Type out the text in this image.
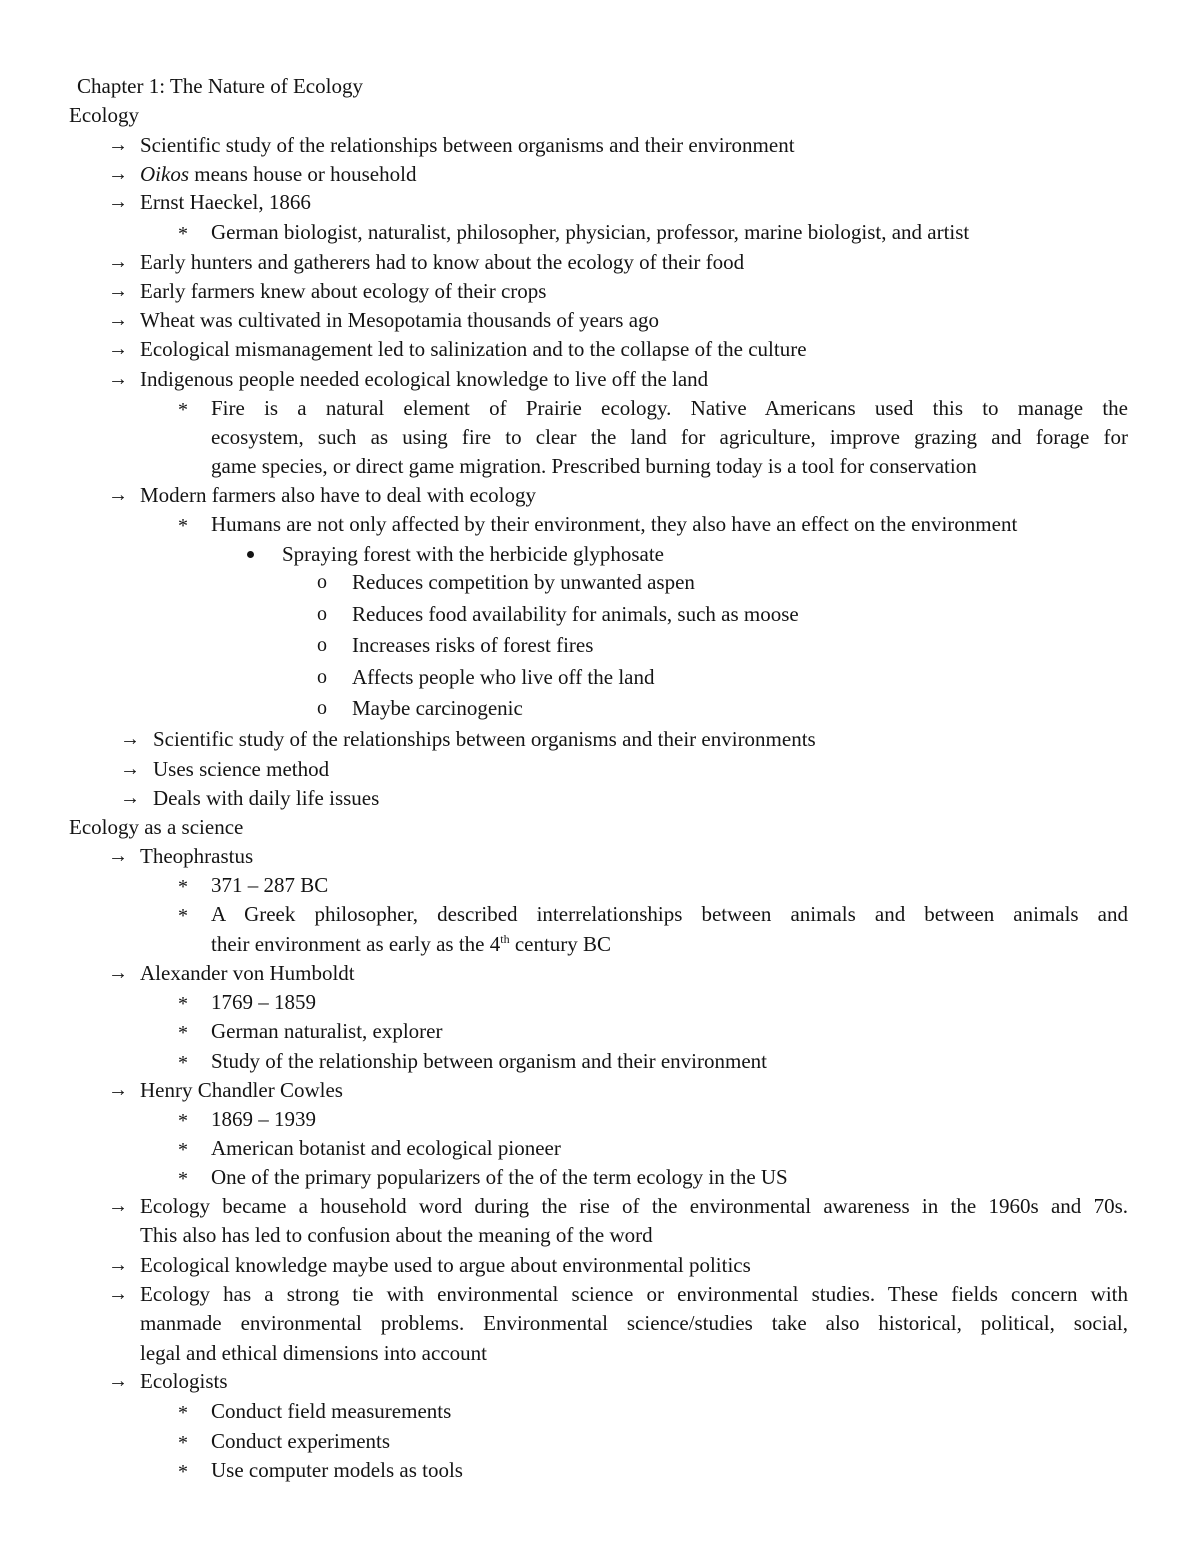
Chapter 1: The Nature of Ecology
Ecology
→ Scientific study of the relationships between organisms and their environment
→ Oikos means house or household
→ Ernst Haeckel, 1866
* German biologist, naturalist, philosopher, physician, professor, marine biologist, and artist
→ Early hunters and gatherers had to know about the ecology of their food
→ Early farmers knew about ecology of their crops
→ Wheat was cultivated in Mesopotamia thousands of years ago
→ Ecological mismanagement led to salinization and to the collapse of the culture
→ Indigenous people needed ecological knowledge to live off the land
* Fire is a natural element of Prairie ecology. Native Americans used this to manage the
ecosystem, such as using fire to clear the land for agriculture, improve grazing and forage for
game species, or direct game migration. Prescribed burning today is a tool for conservation
→ Modern farmers also have to deal with ecology
* Humans are not only affected by their environment, they also have an effect on the environment
Spraying forest with the herbicide glyphosate
o Reduces competition by unwanted aspen
o Reduces food availability for animals, such as moose
o Increases risks of forest fires
o Affects people who live off the land
o Maybe carcinogenic
→ Scientific study of the relationships between organisms and their environments
→ Uses science method
→ Deals with daily life issues
Ecology as a science
→ Theophrastus
* 371 – 287 BC
* A Greek philosopher, described interrelationships between animals and between animals and
their environment as early as the 4th century BC
→ Alexander von Humboldt
* 1769 – 1859
* German naturalist, explorer
* Study of the relationship between organism and their environment
→ Henry Chandler Cowles
* 1869 – 1939
* American botanist and ecological pioneer
* One of the primary popularizers of the of the term ecology in the US
→ Ecology became a household word during the rise of the environmental awareness in the 1960s and 70s.
This also has led to confusion about the meaning of the word
→ Ecological knowledge maybe used to argue about environmental politics
→ Ecology has a strong tie with environmental science or environmental studies. These fields concern with
manmade environmental problems. Environmental science/studies take also historical, political, social,
legal and ethical dimensions into account
→ Ecologists
* Conduct field measurements
* Conduct experiments
* Use computer models as tools
